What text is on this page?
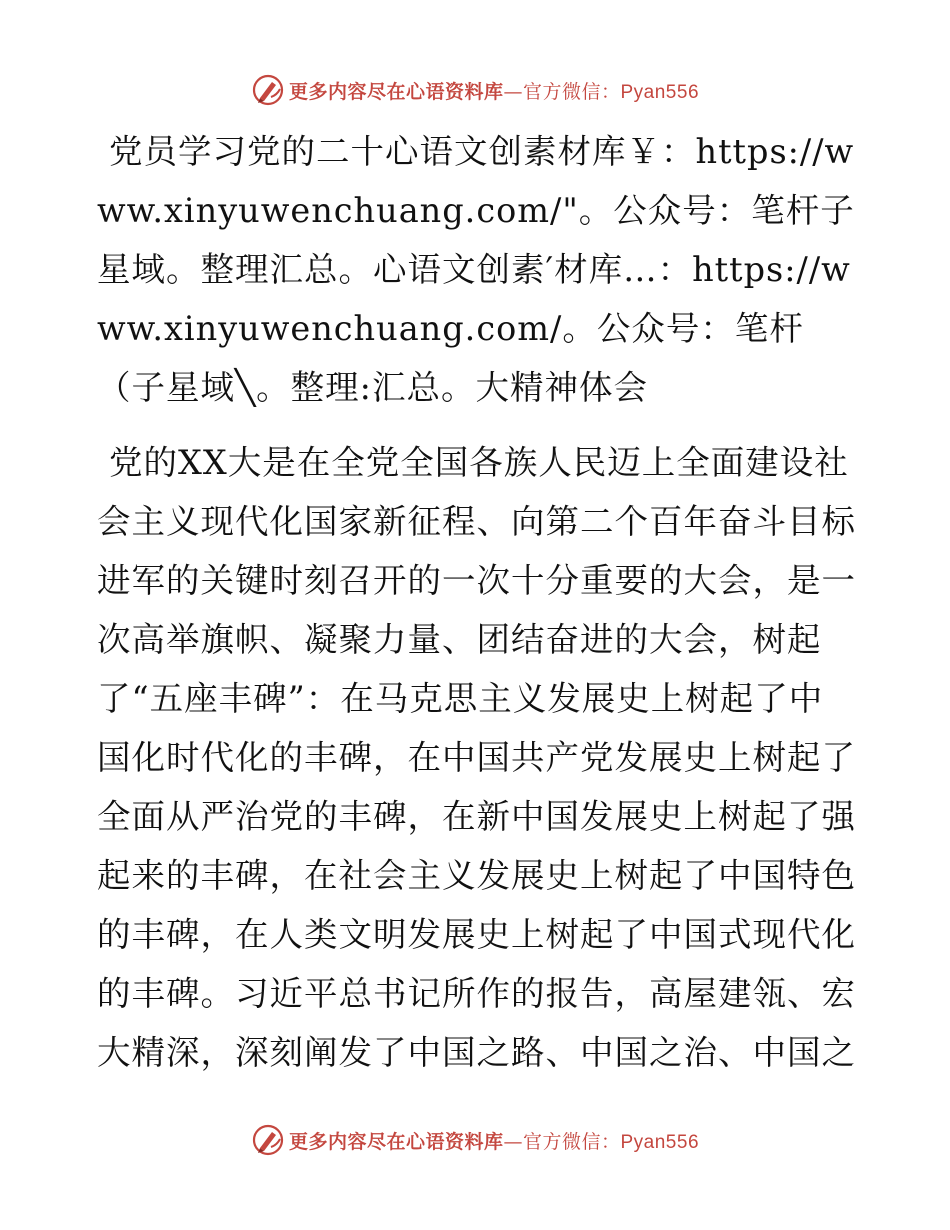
更多内容尽在心语资料库—官方微信：Pyan556

党员学习党的二十心语文创素材库￥：https://www.xinyuwenchuang.com/"。公众号：笔杆子星域。整理汇总。心语文创素′材库…：https://www.xinyuwenchuang.com/。公众号：笔杆（子星域╲。整理:汇总。大精神体会

党的XX大是在全党全国各族人民迈上全面建设社会主义现代化国家新征程、向第二个百年奋斗目标进军的关键时刻召开的一次十分重要的大会，是一次高举旗帜、凝聚力量、团结奋进的大会，树起了“五座丰碑”：在马克思主义发展史上树起了中国化时代化的丰碑，在中国共产党发展史上树起了全面从严治党的丰碑，在新中国发展史上树起了强起来的丰碑，在社会主义发展史上树起了中国特色的丰碑，在人类文明发展史上树起了中国式现代化的丰碑。习近平总书记所作的报告，高屋建瓴、宏大精深，深刻阐发了中国之路、中国之治、中国之

更多内容尽在心语资料库—官方微信：Pyan556
